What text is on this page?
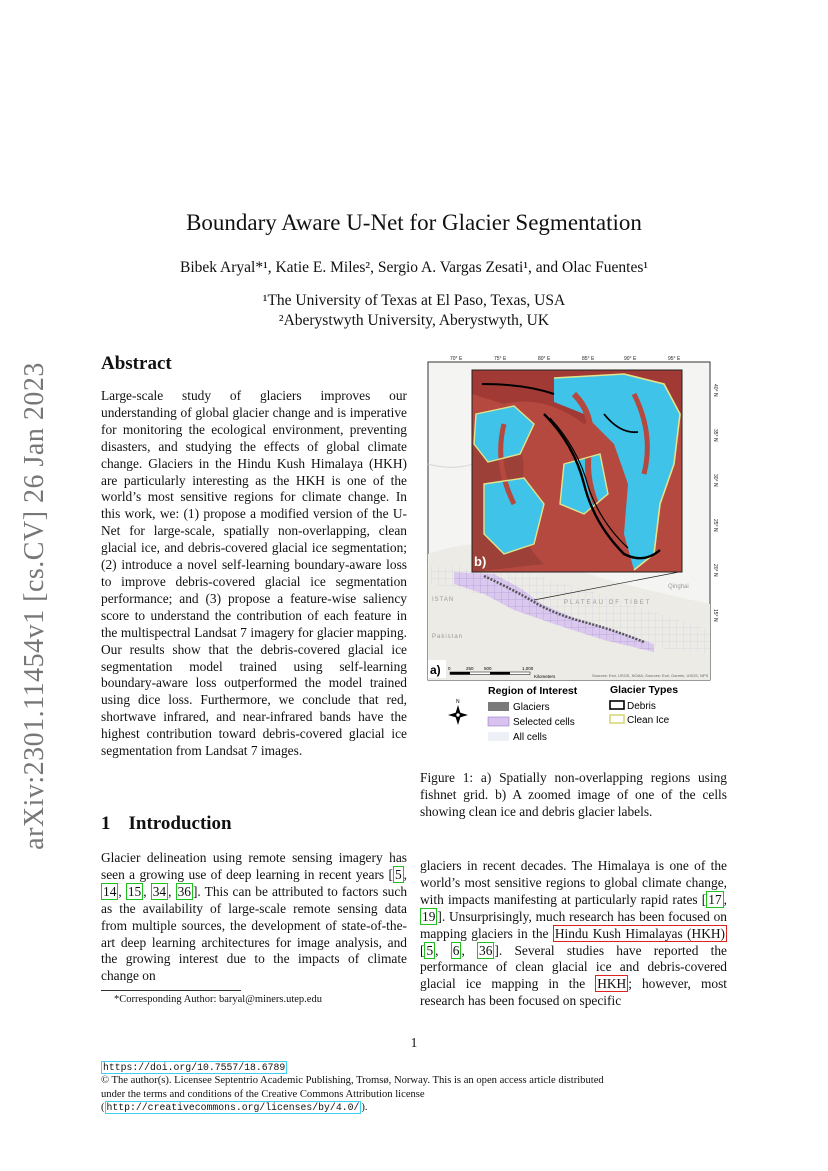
arXiv:2301.11454v1 [cs.CV] 26 Jan 2023
Boundary Aware U-Net for Glacier Segmentation
Bibek Aryal*¹, Katie E. Miles², Sergio A. Vargas Zesati¹, and Olac Fuentes¹
¹The University of Texas at El Paso, Texas, USA
²Aberystwyth University, Aberystwyth, UK
Abstract

Large-scale study of glaciers improves our understanding of global glacier change and is imperative for monitoring the ecological environment, preventing disasters, and studying the effects of global climate change. Glaciers in the Hindu Kush Himalaya (HKH) are particularly interesting as the HKH is one of the world’s most sensitive regions for climate change. In this work, we: (1) propose a modified version of the U-Net for large-scale, spatially non-overlapping, clean glacial ice, and debris-covered glacial ice segmentation; (2) introduce a novel self-learning boundary-aware loss to improve debris-covered glacial ice segmentation performance; and (3) propose a feature-wise saliency score to understand the contribution of each feature in the multispectral Landsat 7 imagery for glacier mapping. Our results show that the debris-covered glacial ice segmentation model trained using self-learning boundary-aware loss outperformed the model trained using dice loss. Furthermore, we conclude that red, shortwave infrared, and near-infrared bands have the highest contribution toward debris-covered glacial ice segmentation from Landsat 7 images.

1 Introduction

Glacier delineation using remote sensing imagery has seen a growing use of deep learning in recent years [ 5 , 14 , 15 , 34 , 36 ]. This can be attributed to factors such as the availability of large-scale remote sensing data from multiple sources, the development of state-of-the-art deep learning architectures for image analysis, and the growing interest due to the impacts of climate change on

*Corresponding Author: baryal@miners.utep.edu

glaciers in recent decades. The Himalaya is one of the world’s most sensitive regions to global climate change, with impacts manifesting at particularly rapid rates [ 17 , 19 ]. Unsurprisingly, much research has been focused on mapping glaciers in the Hindu Kush Himalayas (HKH) [ 5 , 6 , 36 ]. Several studies have reported the performance of clean glacial ice and debris-covered glacial ice mapping in the HKH ; however, most research has been focused on specific

PLATEAU OF TIBET
Pakistan
ISTAN
Qinghai
b)
70° E	75° E	80° E	85° E	90° E	95° E
40° N
35° N
30° N
25° N
20° N
15° N
a) 0	250 500	1,000
Kilometers	Sources: Esri, USGS, NOAA; Sources: Esri, Garmin, USGS, NPS
N
Region of Interest
Glaciers
Selected cells
All cells
Glacier Types
Debris
Clean Ice
Figure 1: a) Spatially non-overlapping regions using fishnet grid. b) A zoomed image of one of the cells showing clean ice and debris glacier labels.
1
https://doi.org/10.7557/18.6789
© The author(s). Licensee Septentrio Academic Publishing, Tromsø, Norway. This is an open access article distributed
under the terms and conditions of the Creative Commons Attribution license
( http://creativecommons.org/licenses/by/4.0/ ).
